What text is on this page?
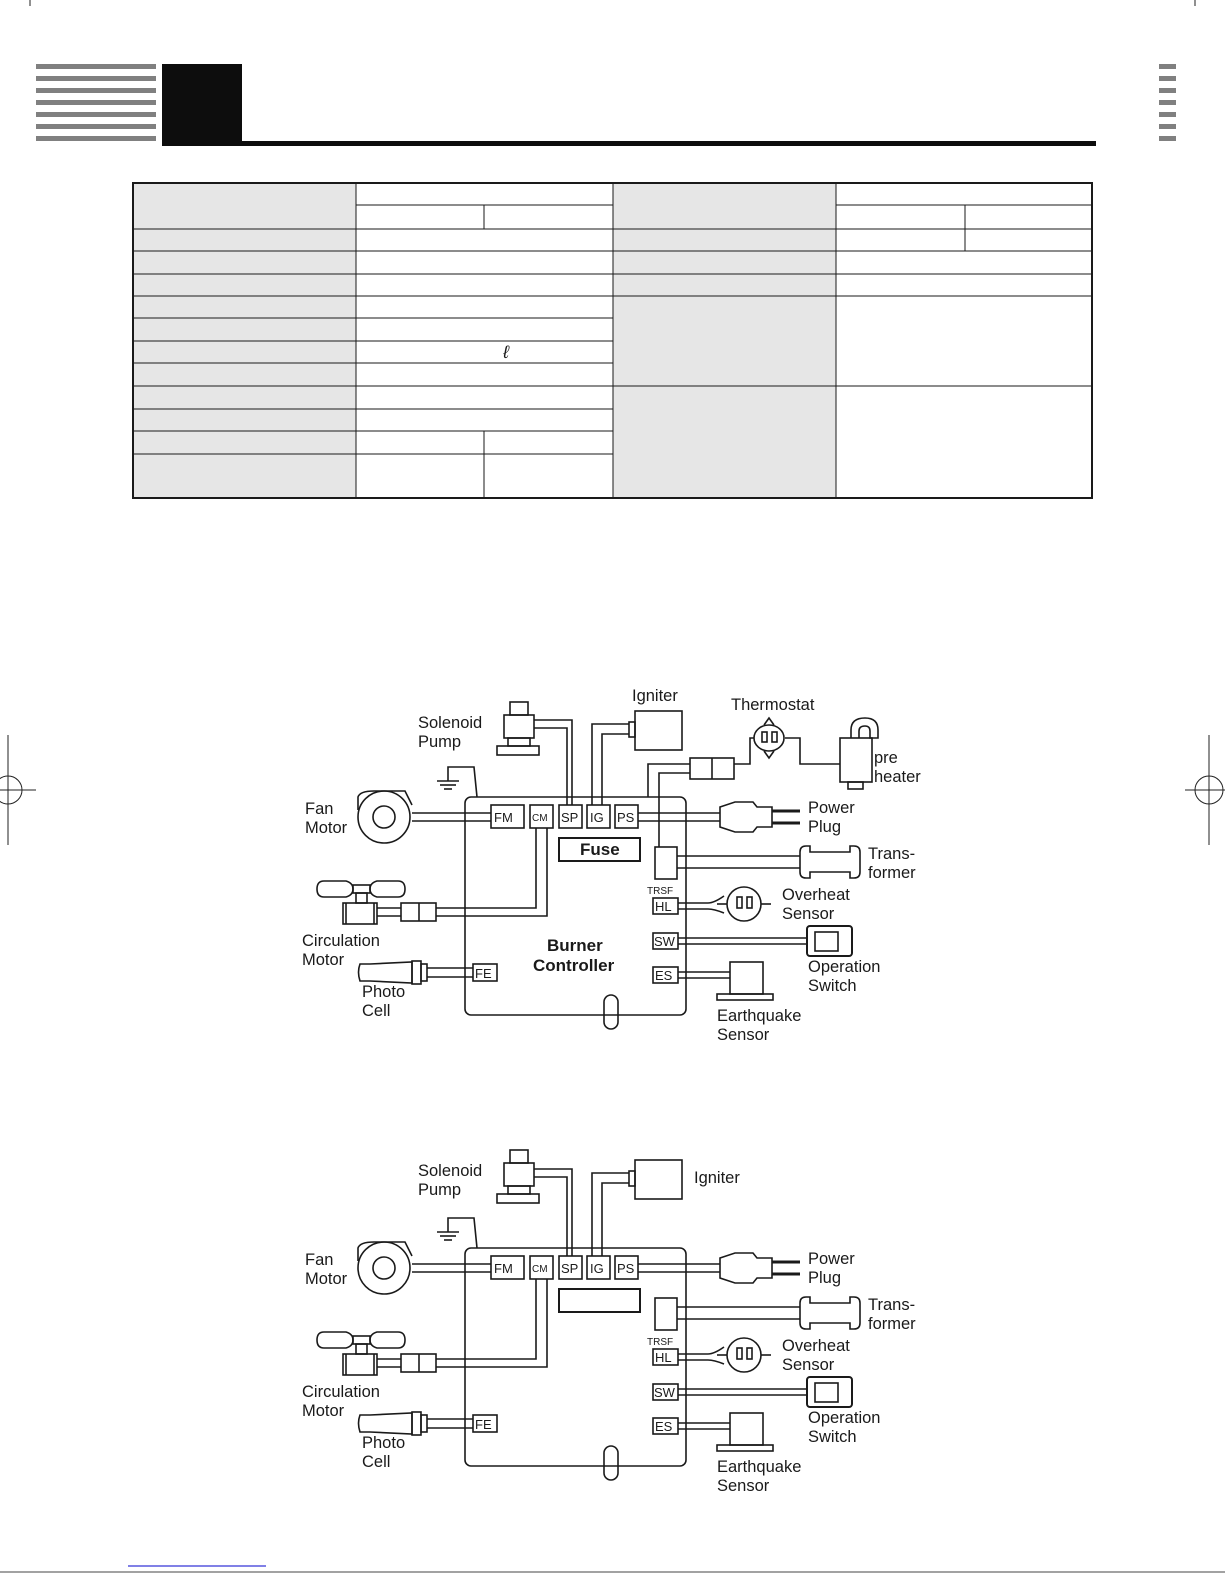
ℓ
FM CM SP IG PS
TRSF
HL
SW
ES
FE
Fuse
Burner
Controller
Solenoid
Pump
Igniter	Thermostat
pre
heater
Fan
Motor
Power
Plug
Trans-
former
Overheat
Sensor
Circulation
Motor	Operation
Switch
Photo
Cell	Earthquake
Sensor
FM CM SP IG PS
TRSF
HL
SW
ES
FE
Solenoid
Pump
Igniter
Fan
Motor
Power
Plug
Trans-
former
Overheat
Sensor
Circulation
Motor	Operation
Switch
Photo
Cell	Earthquake
Sensor
